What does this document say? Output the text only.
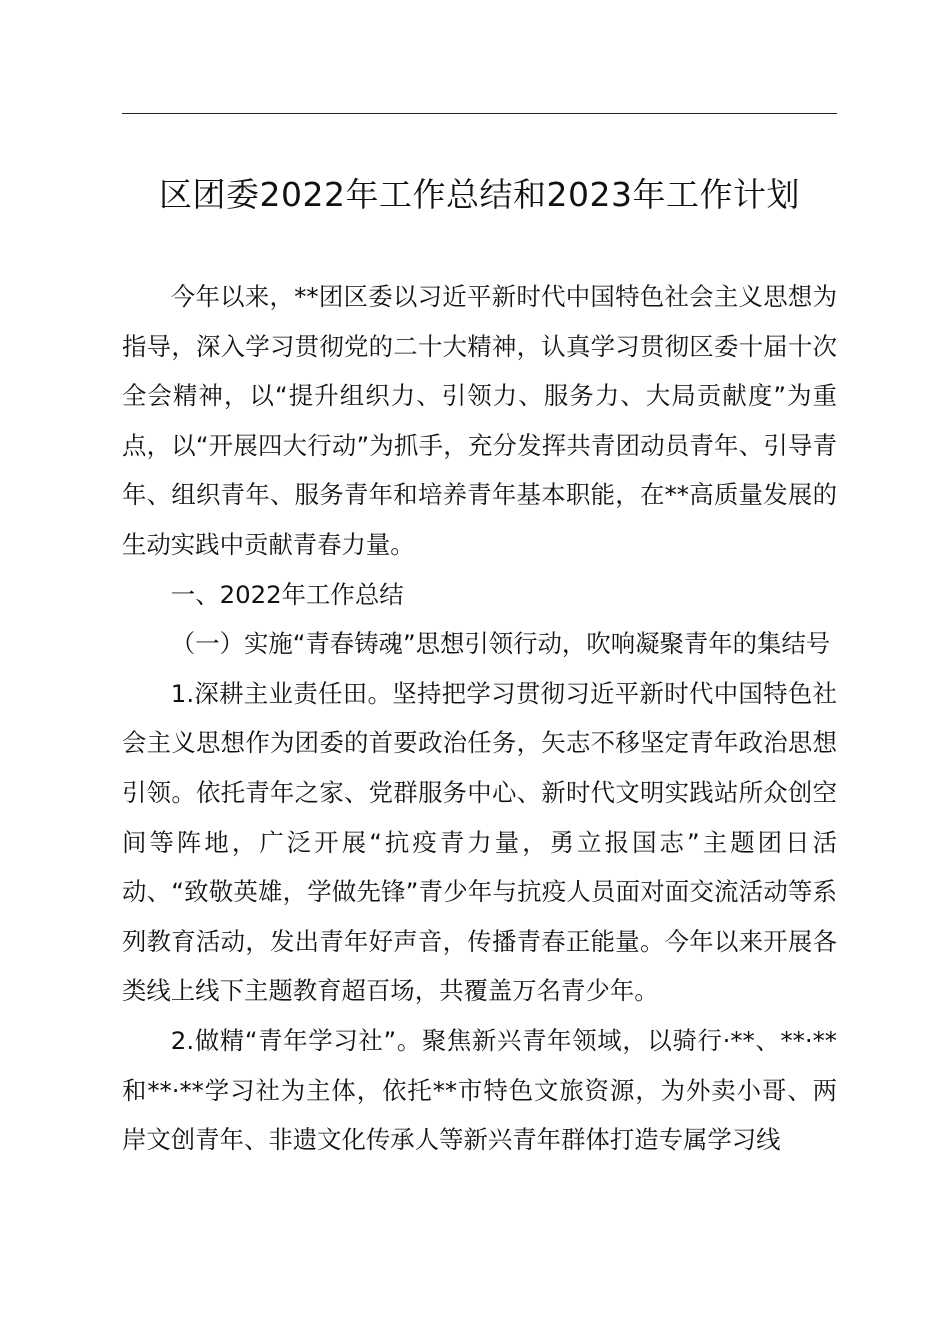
区团委2022年工作总结和2023年工作计划

今年以来，**团区委以习近平新时代中国特色社会主义思想为指导，深入学习贯彻党的二十大精神，认真学习贯彻区委十届十次全会精神，以“提升组织力、引领力、服务力、大局贡献度”为重点，以“开展四大行动”为抓手，充分发挥共青团动员青年、引导青年、组织青年、服务青年和培养青年基本职能，在**高质量发展的生动实践中贡献青春力量。

一、2022年工作总结

（一）实施“青春铸魂”思想引领行动，吹响凝聚青年的集结号

1.深耕主业责任田。坚持把学习贯彻习近平新时代中国特色社会主义思想作为团委的首要政治任务，矢志不移坚定青年政治思想引领。依托青年之家、党群服务中心、新时代文明实践站所众创空间等阵地，广泛开展“抗疫青力量，勇立报国志”主题团日活动、“致敬英雄，学做先锋”青少年与抗疫人员面对面交流活动等系列教育活动，发出青年好声音，传播青春正能量。今年以来开展各类线上线下主题教育超百场，共覆盖万名青少年。

2.做精“青年学习社”。聚焦新兴青年领域，以骑行·**、**·**和**·**学习社为主体，依托**市特色文旅资源，为外卖小哥、两岸文创青年、非遗文化传承人等新兴青年群体打造专属学习线
